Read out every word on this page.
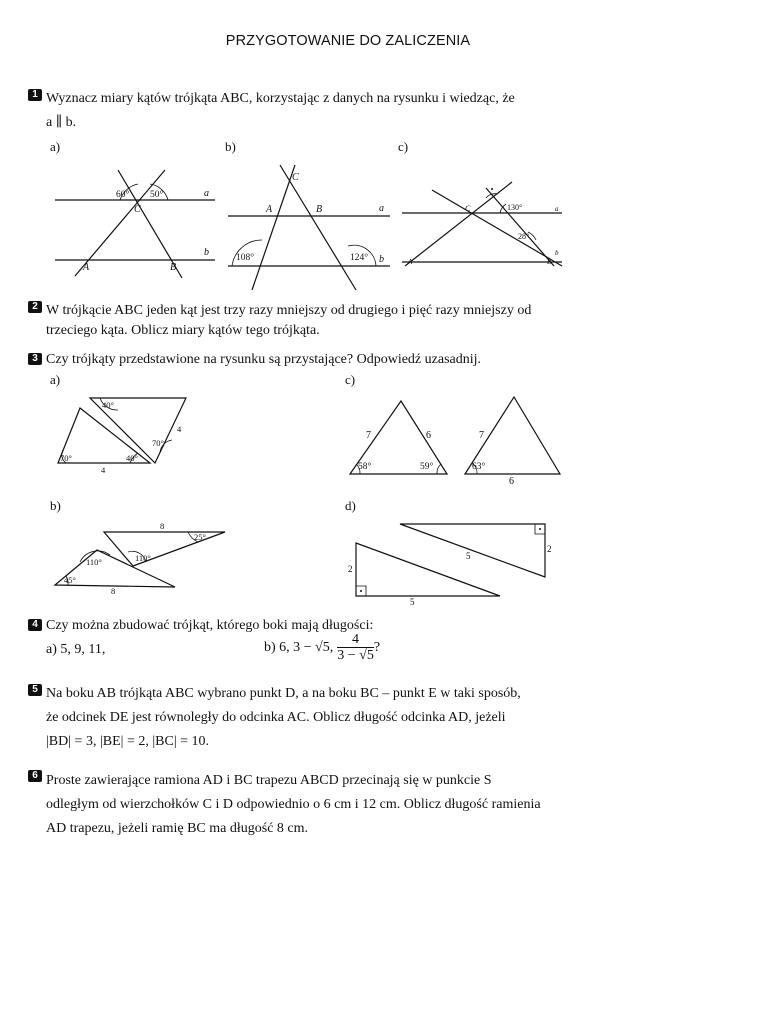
PRZYGOTOWANIE DO ZALICZENIA
1 Wyznacz miary kątów trójkąta ABC, korzystając z danych na rysunku i wiedząc, że
a ∥ b.
a)	b)	c)
60° 50°
C
a
b
A	B
C
A	B	a
b
108°	124°
C	130°
28°
a
b
A	B
2 W trójkącie ABC jeden kąt jest trzy razy mniejszy od drugiego i pięć razy mniejszy od
trzeciego kąta. Oblicz miary kątów tego trójkąta.
3 Czy trójkąty przedstawione na rysunku są przystające? Odpowiedź uzasadnij.
a)	c)
b)	d)
40°
70°
4
70°	40°
4
7	6
58°	59°
7
63°
6
8
25°
110°
110°
45°
8
5
2
2
5
4 Czy można zbudować trójkąt, którego boki mają długości:
a) 5, 9, 11,	b) 6, 3 − √5, $\frac{4}{3 - √5}$ ?
5 Na boku AB trójkąta ABC wybrano punkt D, a na boku BC – punkt E w taki sposób,
że odcinek DE jest równoległy do odcinka AC. Oblicz długość odcinka AD, jeżeli
|BD| = 3, |BE| = 2, |BC| = 10.
6 Proste zawierające ramiona AD i BC trapezu ABCD przecinają się w punkcie S
odległym od wierzchołków C i D odpowiednio o 6 cm i 12 cm. Oblicz długość ramienia
AD trapezu, jeżeli ramię BC ma długość 8 cm.
